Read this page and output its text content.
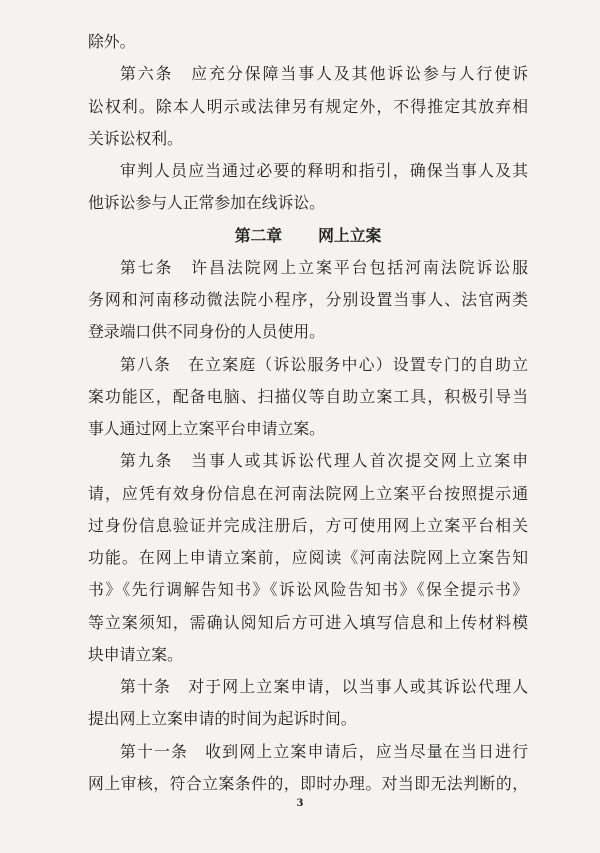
除外。
第六条　应充分保障当事人及其他诉讼参与人行使诉
讼权利。除本人明示或法律另有规定外，不得推定其放弃相
关诉讼权利。
审判人员应当通过必要的释明和指引，确保当事人及其
他诉讼参与人正常参加在线诉讼。
第二章 网上立案
第七条　许昌法院网上立案平台包括河南法院诉讼服
务网和河南移动微法院小程序，分别设置当事人、法官两类
登录端口供不同身份的人员使用。
第八条　在立案庭（诉讼服务中心）设置专门的自助立
案功能区，配备电脑、扫描仪等自助立案工具，积极引导当
事人通过网上立案平台申请立案。
第九条　当事人或其诉讼代理人首次提交网上立案申
请，应凭有效身份信息在河南法院网上立案平台按照提示通
过身份信息验证并完成注册后，方可使用网上立案平台相关
功能。在网上申请立案前，应阅读《河南法院网上立案告知
书》《先行调解告知书》《诉讼风险告知书》《保全提示书》
等立案须知，需确认阅知后方可进入填写信息和上传材料模
块申请立案。
第十条　对于网上立案申请，以当事人或其诉讼代理人
提出网上立案申请的时间为起诉时间。
第十一条　收到网上立案申请后，应当尽量在当日进行
网上审核，符合立案条件的，即时办理。对当即无法判断的，
3
